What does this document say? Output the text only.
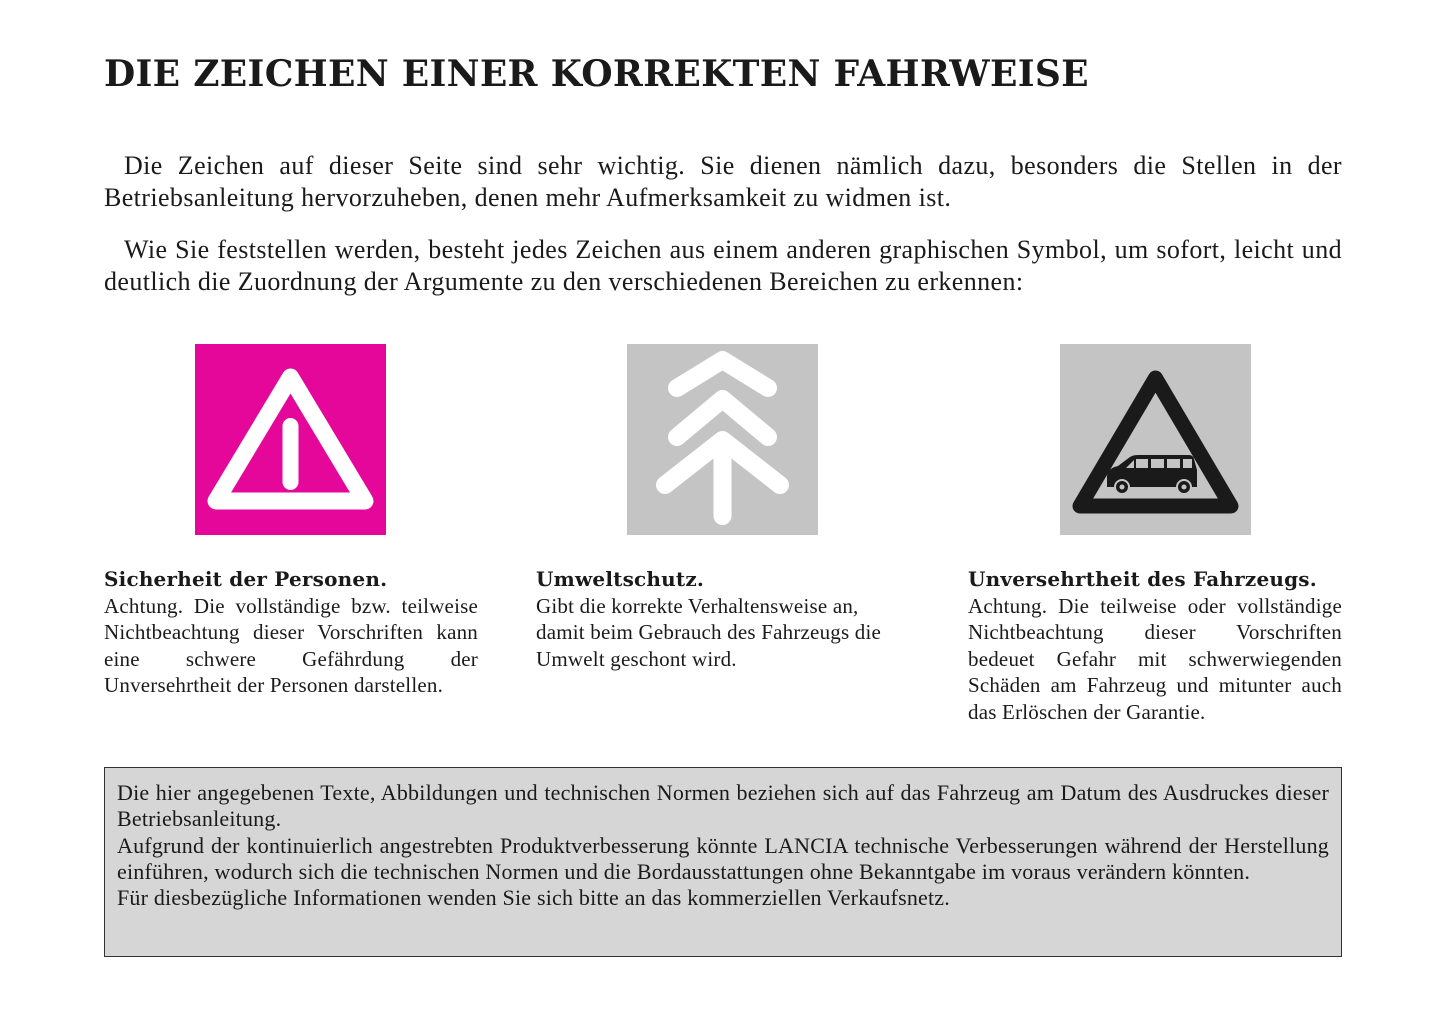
DIE ZEICHEN EINER KORREKTEN FAHRWEISE

Die Zeichen auf dieser Seite sind sehr wichtig. Sie dienen nämlich dazu, besonders die Stellen in der Betriebsanleitung hervorzuheben, denen mehr Aufmerksamkeit zu widmen ist.

Wie Sie feststellen werden, besteht jedes Zeichen aus einem anderen graphischen Symbol, um sofort, leicht und deutlich die Zuordnung der Argumente zu den verschiedenen Bereichen zu erkennen:

Sicherheit der Personen.
Achtung. Die vollständige bzw. teilweise Nichtbeachtung dieser Vorschriften kann eine schwere Gefährdung der Unversehrtheit der Personen darstellen.
Umweltschutz.
Gibt die korrekte Verhaltensweise an, damit beim Gebrauch des Fahrzeugs die Umwelt geschont wird.
Unversehrtheit des Fahrzeugs.
Achtung. Die teilweise oder vollständige Nichtbeachtung dieser Vorschriften bedeuet Gefahr mit schwerwiegenden Schäden am Fahrzeug und mitunter auch das Erlöschen der Garantie.

Die hier angegebenen Texte, Abbildungen und technischen Normen beziehen sich auf das Fahrzeug am Datum des Ausdruckes dieser Betriebsanleitung.

Aufgrund der kontinuierlich angestrebten Produktverbesserung könnte LANCIA technische Verbesserungen während der Herstellung einführen, wodurch sich die technischen Normen und die Bordausstattungen ohne Bekanntgabe im voraus verändern könnten.

Für diesbezügliche Informationen wenden Sie sich bitte an das kommerziellen Verkaufsnetz.
